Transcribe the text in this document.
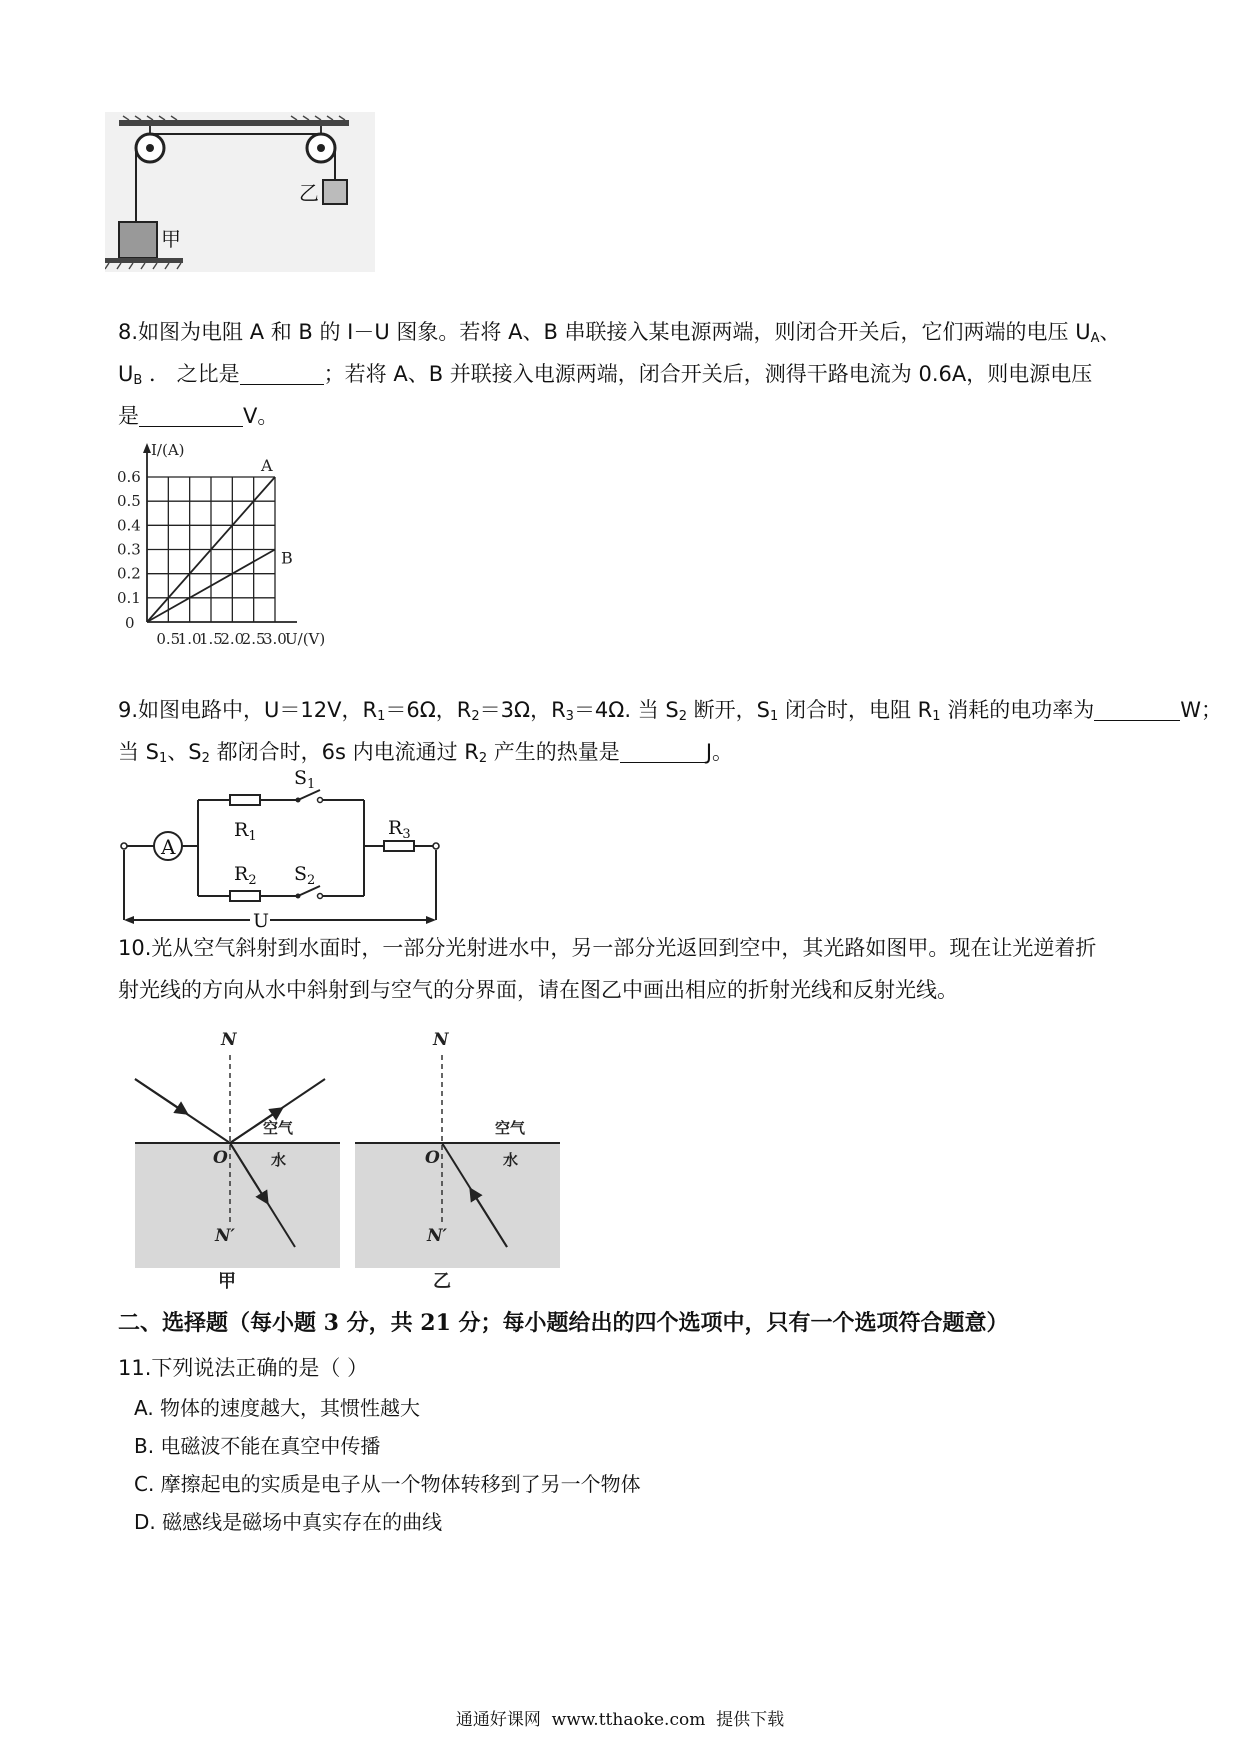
乙
甲
8.如图为电阻 A 和 B 的 I－U 图象。若将 A、B 串联接入某电源两端，则闭合开关后，它们两端的电压 $U_A$、
$U_B$ ． 之比是	；若将 A、B 并联接入电源两端，闭合开关后，测得干路电流为 0.6A，则电源电压
是	V。
A
B
0.5
1.0
1.5
2.0
2.5
3.0
0.1
0.2
0.3
0.4
0.5
0.6
0
I/(A)
U/(V)
9.如图电路中，U＝12V，$R_1=6\Omega$，$R_2=3\Omega$，$R_3=4\Omega$. 当 $S_2$ 断开，$S_1$ 闭合时，电阻 $R_1$ 消耗的电功率为	W；
当 $S_1$、$S_2$ 都闭合时，6s 内电流通过 $R_2$ 产生的热量是	J。
A
$R_1$
$R_2$
$R_3$
$S_1$
$S_2$
U
10.光从空气斜射到水面时，一部分光射进水中，另一部分光返回到空中，其光路如图甲。现在让光逆着折
射光线的方向从水中斜射到与空气的分界面，请在图乙中画出相应的折射光线和反射光线。
N
O
N′
空气
水
甲
N
O
N′
空气
水
乙
二、选择题（每小题 3 分，共 21 分；每小题给出的四个选项中，只有一个选项符合题意）
11.下列说法正确的是（ ）
A. 物体的速度越大，其惯性越大
B. 电磁波不能在真空中传播
C. 摩擦起电的实质是电子从一个物体转移到了另一个物体
D. 磁感线是磁场中真实存在的曲线
通通好课网  www.tthaoke.com  提供下载
